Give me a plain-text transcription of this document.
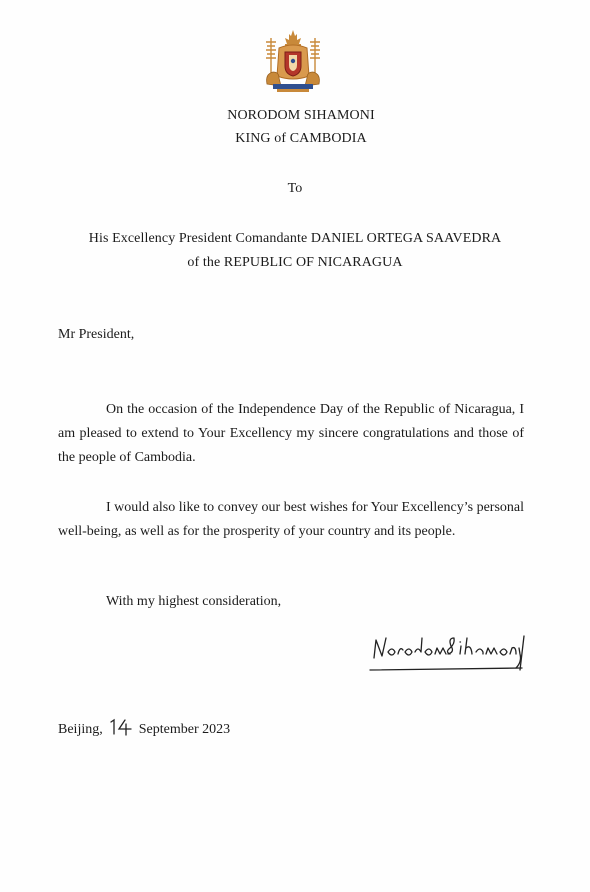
NORODOM SIHAMONI
KING of CAMBODIA
To
His Excellency President Comandante DANIEL ORTEGA SAAVEDRA
of the REPUBLIC OF NICARAGUA
Mr President,

On the occasion of the Independence Day of the Republic of Nicaragua, I am pleased to extend to Your Excellency my sincere congratulations and those of the people of Cambodia.

I would also like to convey our best wishes for Your Excellency’s personal well-being, as well as for the prosperity of your country and its people.

With my highest consideration,
Beijing,	September 2023
